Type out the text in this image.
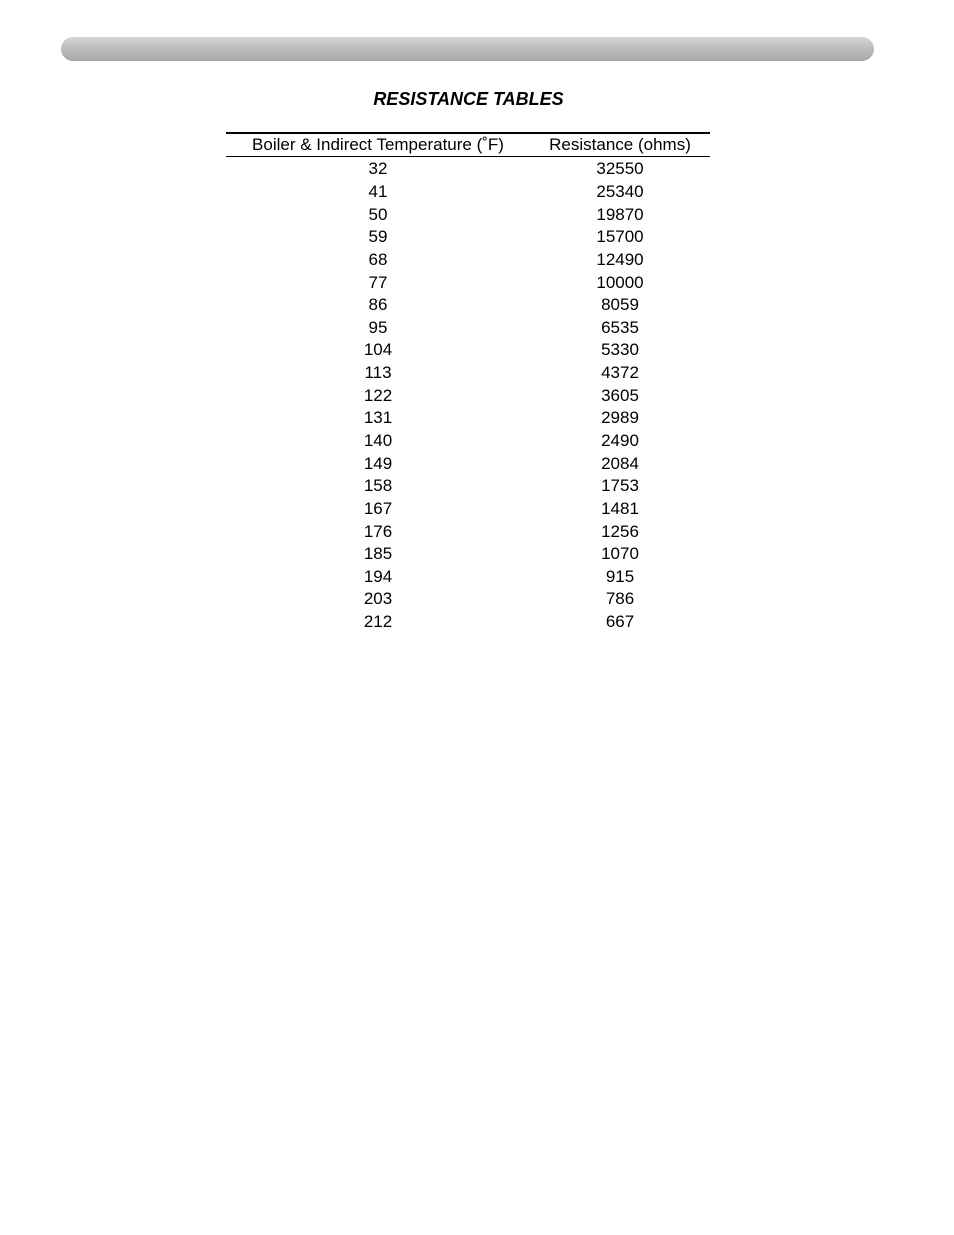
RESISTANCE TABLES
Boiler & Indirect Temperature (˚F)	Resistance (ohms)
32	32550
41	25340
50	19870
59	15700
68	12490
77	10000
86	8059
95	6535
104	5330
113	4372
122	3605
131	2989
140	2490
149	2084
158	1753
167	1481
176	1256
185	1070
194	915
203	786
212	667
